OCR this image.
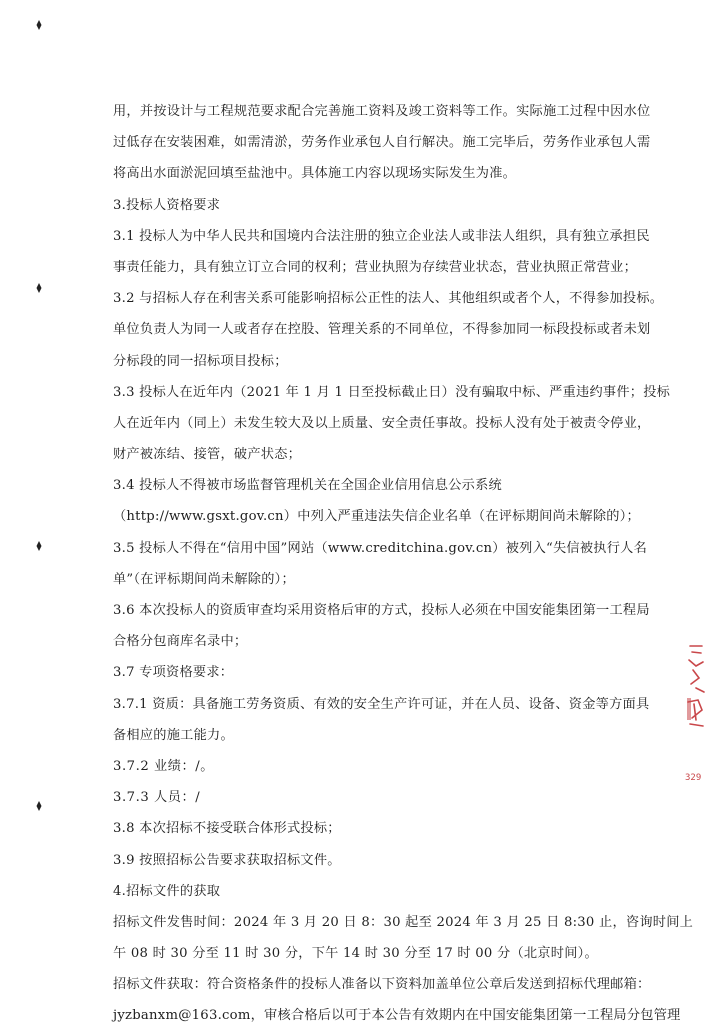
用，并按设计与工程规范要求配合完善施工资料及竣工资料等工作。实际施工过程中因水位
过低存在安装困难，如需清淤，劳务作业承包人自行解决。施工完毕后，劳务作业承包人需
将高出水面淤泥回填至盐池中。具体施工内容以现场实际发生为准。
3.投标人资格要求
3.1 投标人为中华人民共和国境内合法注册的独立企业法人或非法人组织，具有独立承担民
事责任能力，具有独立订立合同的权利；营业执照为存续营业状态，营业执照正常营业；
3.2 与招标人存在利害关系可能影响招标公正性的法人、其他组织或者个人，不得参加投标。
单位负责人为同一人或者存在控股、管理关系的不同单位，不得参加同一标段投标或者未划
分标段的同一招标项目投标；
3.3 投标人在近年内（2021 年 1 月 1 日至投标截止日）没有骗取中标、严重违约事件；投标
人在近年内（同上）未发生较大及以上质量、安全责任事故。投标人没有处于被责令停业，
财产被冻结、接管，破产状态；
3.4 投标人不得被市场监督管理机关在全国企业信用信息公示系统
（http://www.gsxt.gov.cn）中列入严重违法失信企业名单（在评标期间尚未解除的）；
3.5 投标人不得在“信用中国”网站（www.creditchina.gov.cn）被列入“失信被执行人名
单”（在评标期间尚未解除的）；
3.6 本次投标人的资质审查均采用资格后审的方式，投标人必须在中国安能集团第一工程局
合格分包商库名录中；
3.7 专项资格要求：
3.7.1 资质：具备施工劳务资质、有效的安全生产许可证，并在人员、设备、资金等方面具
备相应的施工能力。
3.7.2 业绩：/。
3.7.3 人员：/
3.8 本次招标不接受联合体形式投标；
3.9 按照招标公告要求获取招标文件。
4.招标文件的获取
招标文件发售时间：2024 年 3 月 20 日 8：30 起至 2024 年 3 月 25 日 8:30 止，咨询时间上
午 08 时 30 分至 11 时 30 分，下午 14 时 30 分至 17 时 00 分（北京时间）。
招标文件获取：符合资格条件的投标人准备以下资料加盖单位公章后发送到招标代理邮箱：
jyzbanxm@163.com，审核合格后以可于本公告有效期内在中国安能集团第一工程局分包管理
329
